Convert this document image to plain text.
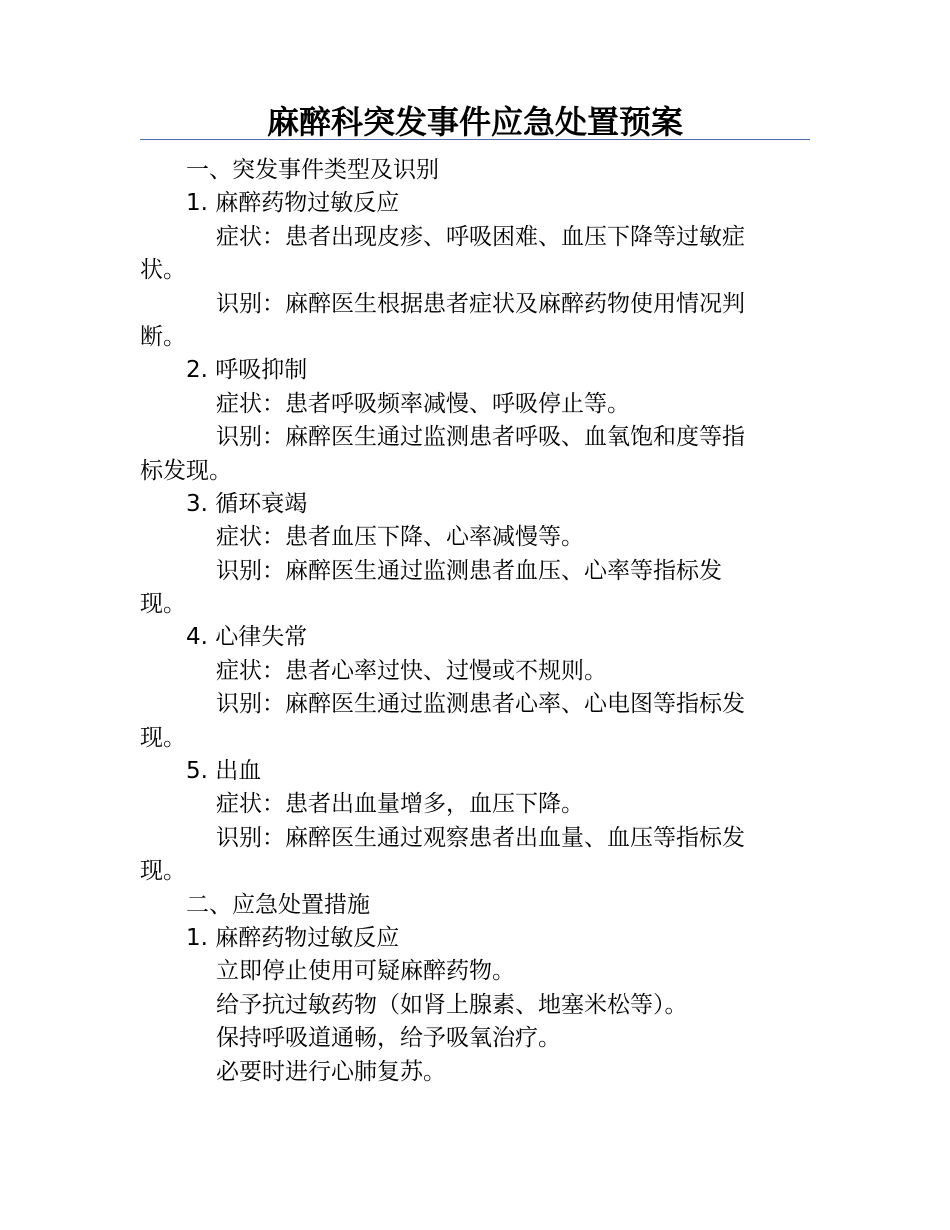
麻醉科突发事件应急处置预案
一、突发事件类型及识别
1. 麻醉药物过敏反应
症状：患者出现皮疹、呼吸困难、血压下降等过敏症
状。
识别：麻醉医生根据患者症状及麻醉药物使用情况判
断。
2. 呼吸抑制
症状：患者呼吸频率减慢、呼吸停止等。
识别：麻醉医生通过监测患者呼吸、血氧饱和度等指
标发现。
3. 循环衰竭
症状：患者血压下降、心率减慢等。
识别：麻醉医生通过监测患者血压、心率等指标发
现。
4. 心律失常
症状：患者心率过快、过慢或不规则。
识别：麻醉医生通过监测患者心率、心电图等指标发
现。
5. 出血
症状：患者出血量增多，血压下降。
识别：麻醉医生通过观察患者出血量、血压等指标发
现。
二、应急处置措施
1. 麻醉药物过敏反应
立即停止使用可疑麻醉药物。
给予抗过敏药物（如肾上腺素、地塞米松等）。
保持呼吸道通畅，给予吸氧治疗。
必要时进行心肺复苏。
